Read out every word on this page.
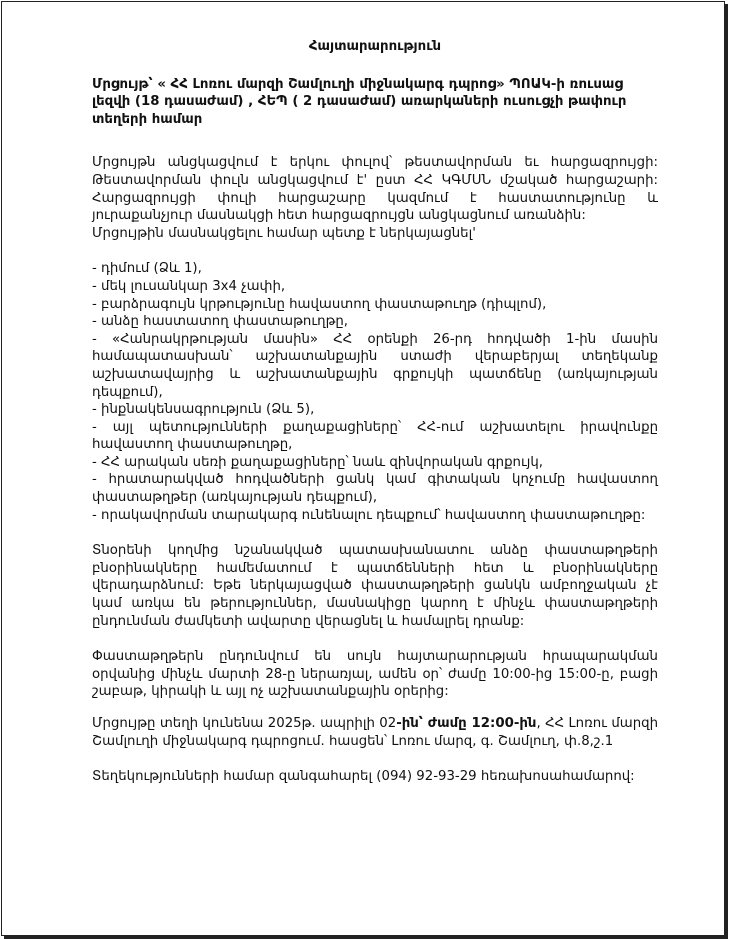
Հայտարարություն

Մրցույթ՝ « ՀՀ Լոռու մարզի Շամլուղի միջնակարգ դպրոց» ՊՈԱԿ-ի ռուսաց լեզվի (18 դասաժամ) , ՀԵՊ ( 2 դասաժամ) առարկաների ուսուցչի թափուր տեղերի համար

Մրցույթն անցկացվում է երկու փուլով՝ թեստավորման եւ հարցազրույցի: Թեստավորման փուլն անցկացվում է' ըստ ՀՀ ԿԳՄՍՆ մշակած հարցաշարի: Հարցազրույցի փուլի հարցաշարը կազմում է հաստատությունը և յուրաքանչյուր մասնակցի հետ հարցազրույցն անցկացնում առանձին:

Մրցույթին մասնակցելու համար պետք է ներկայացնել'

- դիմում (Ձև 1),
- մեկ լուսանկար 3x4 չափի,
- բարձրագույն կրթությունը հավաստող փաստաթուղթ (դիպլոմ),
- անձը հաստատող փաստաթուղթը,
- «Հանրակրթության մասին» ՀՀ օրենքի 26-րդ հոդվածի 1-ին մասին համապատասխան՝ աշխատանքային ստաժի վերաբերյալ տեղեկանք աշխատավայրից և աշխատանքային գրքույկի պատճենը (առկայության դեպքում),
- ինքնակենսագրություն (Ձև 5),
- այլ պետությունների քաղաքացիները՝ ՀՀ-ում աշխատելու իրավունքը հավաստող փաստաթուղթը,
- ՀՀ արական սեռի քաղաքացիները՝ նաև զինվորական գրքույկ,
- հրատարակված հոդվածների ցանկ կամ գիտական կոչումը հավաստող փաստաթղթեր (առկայության դեպքում),
- որակավորման տարակարգ ունենալու դեպքում՝ հավաստող փաստաթուղթը:

Տնօրենի կողմից նշանակված պատասխանատու անձը փաստաթղթերի բնօրինակները համեմատում է պատճենների հետ և բնօրինակները վերադարձնում: Եթե ներկայացված փաստաթղթերի ցանկն ամբողջական չէ կամ առկա են թերություններ, մասնակիցը կարող է մինչև փաստաթղթերի ընդունման ժամկետի ավարտը վերացնել և համալրել դրանք:

Փաստաթղթերն ընդունվում են սույն հայտարարության հրապարակման օրվանից մինչև մարտի 28-ը ներառյալ, ամեն օր՝ ժամը 10:00-ից 15:00-ը, բացի շաբաթ, կիրակի և այլ ոչ աշխատանքային օրերից:

Մրցույթը տեղի կունենա 2025թ. ապրիլի 02-ին՝ ժամը 12:00-ին, ՀՀ Լոռու մարզի Շամլուղի միջնակարգ դպրոցում. հասցեն՝ Լոռու մարզ, գ. Շամլուղ, փ.8,շ.1

Տեղեկությունների համար զանգահարել (094) 92-93-29 հեռախոսահամարով:
